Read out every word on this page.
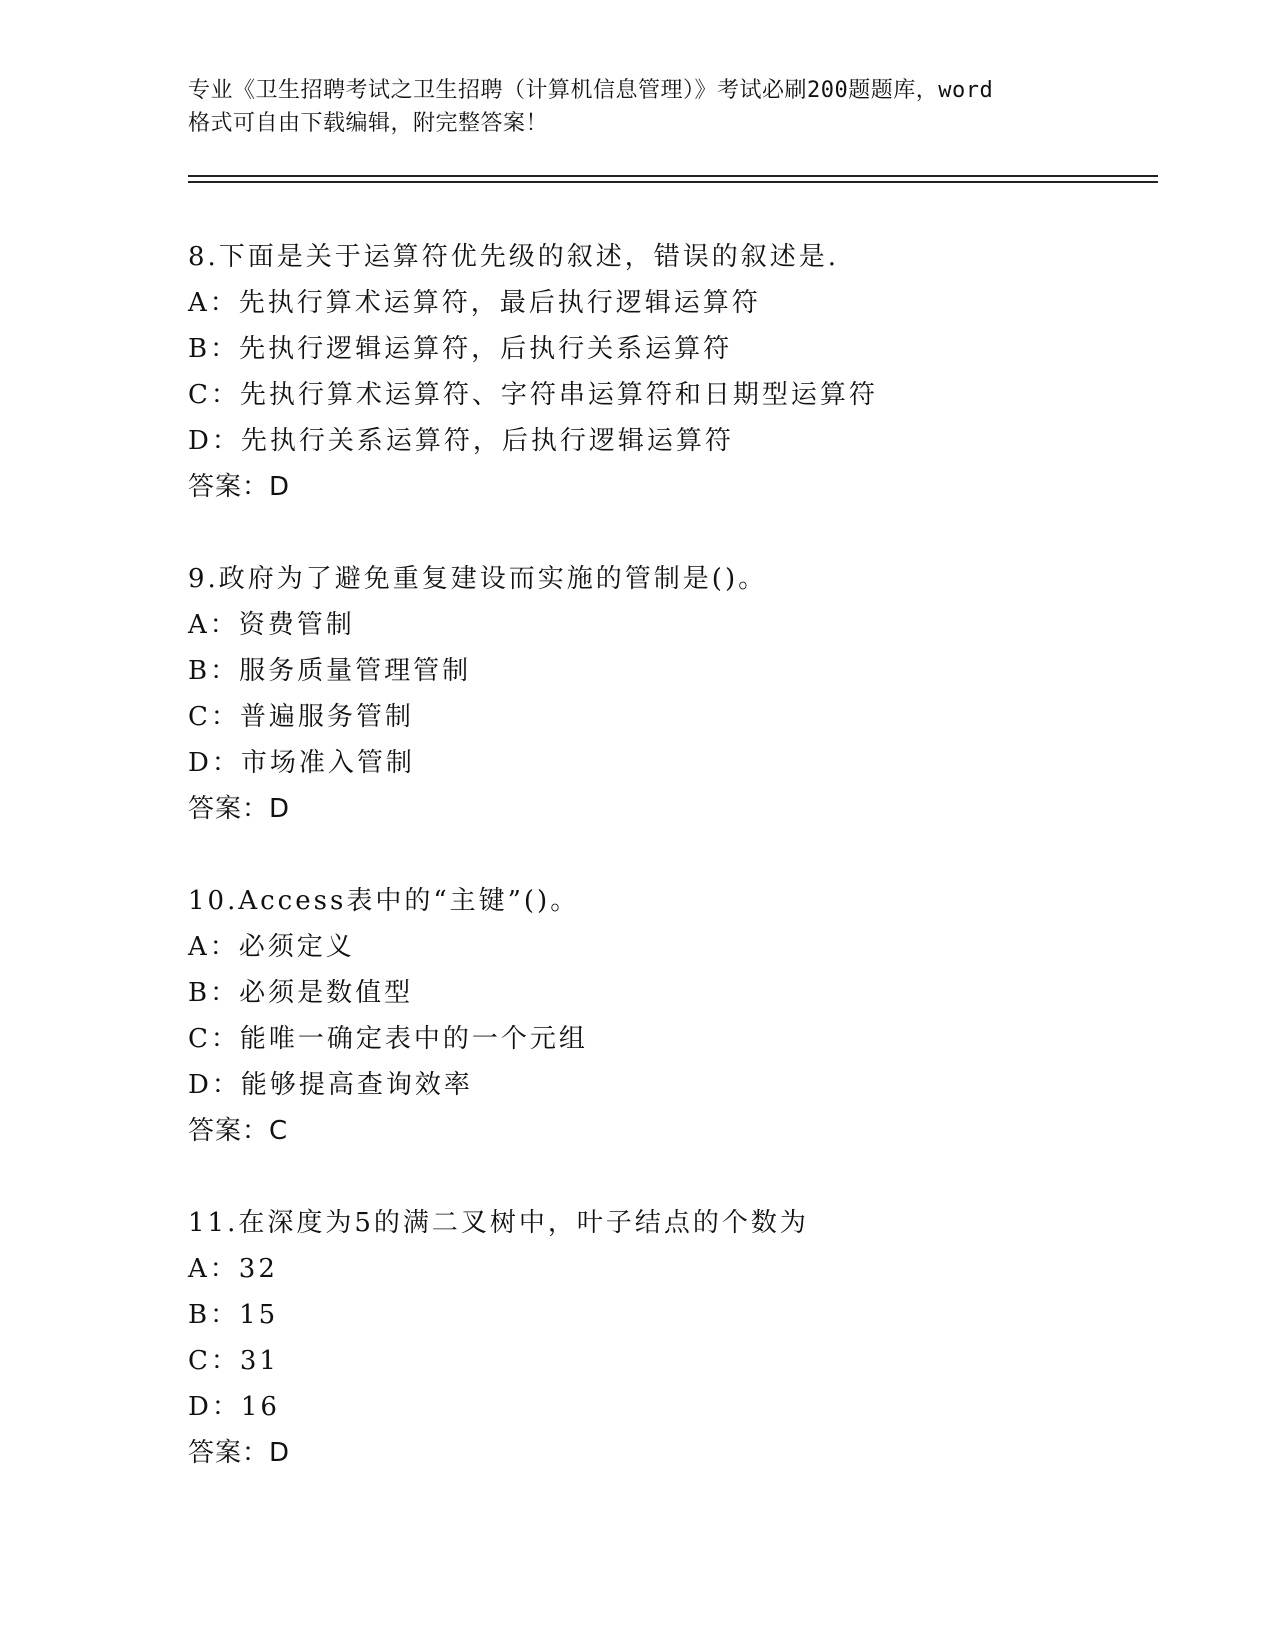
专业《卫生招聘考试之卫生招聘（计算机信息管理）》考试必刷200题题库，word
格式可自由下载编辑，附完整答案！
8.下面是关于运算符优先级的叙述，错误的叙述是.
A：先执行算术运算符，最后执行逻辑运算符
B：先执行逻辑运算符，后执行关系运算符
C：先执行算术运算符、字符串运算符和日期型运算符
D：先执行关系运算符，后执行逻辑运算符
答案：D
9.政府为了避免重复建设而实施的管制是()。
A：资费管制
B：服务质量管理管制
C：普遍服务管制
D：市场准入管制
答案：D
10.Access表中的“主键”()。
A：必须定义
B：必须是数值型
C：能唯一确定表中的一个元组
D：能够提高查询效率
答案：C
11.在深度为5的满二叉树中，叶子结点的个数为
A：32
B：15
C：31
D：16
答案：D
